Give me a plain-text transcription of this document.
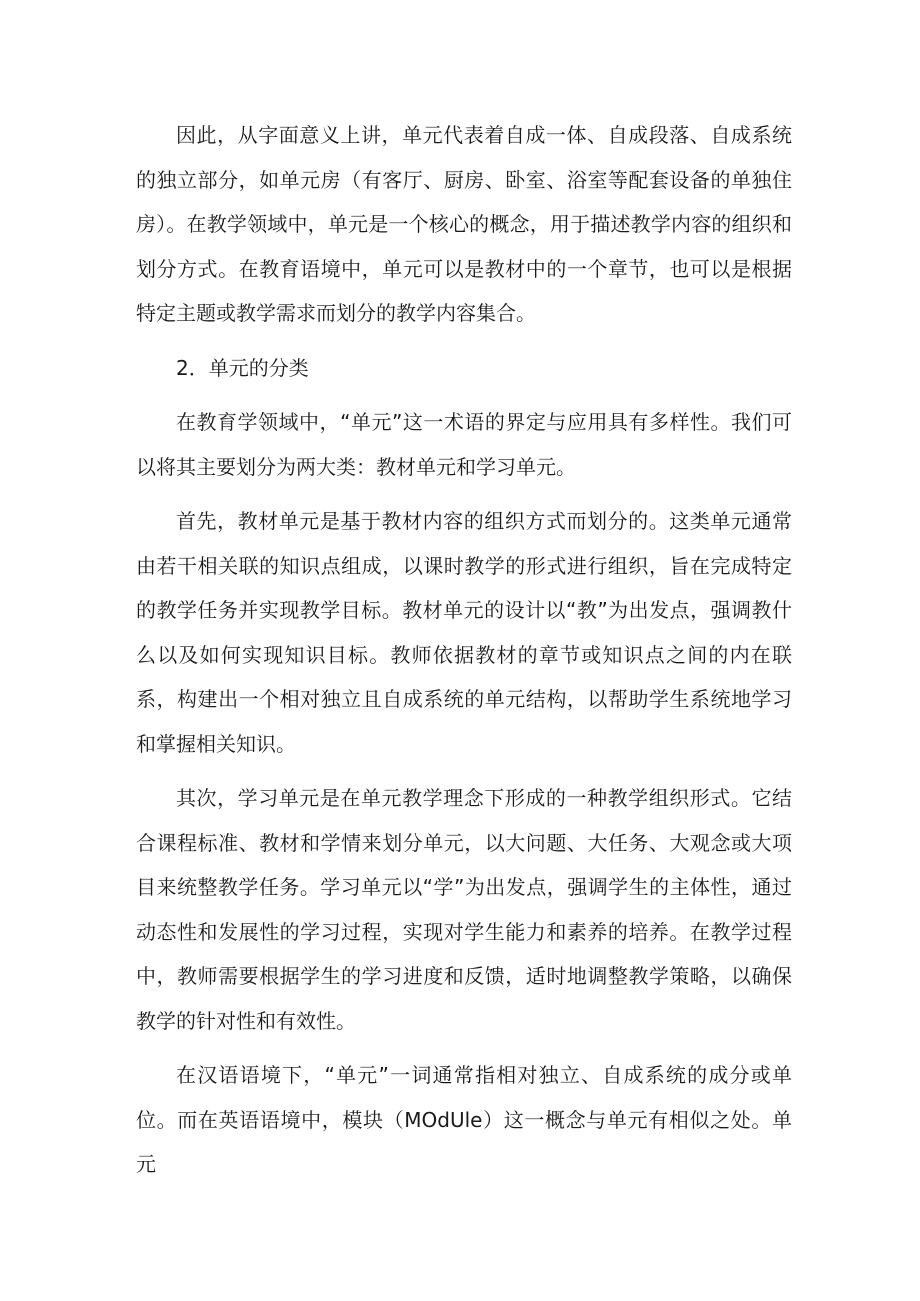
因此，从字面意义上讲，单元代表着自成一体、自成段落、自成系统的独立部分，如单元房（有客厅、厨房、卧室、浴室等配套设备的单独住房）。在教学领域中，单元是一个核心的概念，用于描述教学内容的组织和划分方式。在教育语境中，单元可以是教材中的一个章节，也可以是根据特定主题或教学需求而划分的教学内容集合。

2．单元的分类

在教育学领域中，“单元”这一术语的界定与应用具有多样性。我们可以将其主要划分为两大类：教材单元和学习单元。

首先，教材单元是基于教材内容的组织方式而划分的。这类单元通常由若干相关联的知识点组成，以课时教学的形式进行组织，旨在完成特定的教学任务并实现教学目标。教材单元的设计以“教”为出发点，强调教什么以及如何实现知识目标。教师依据教材的章节或知识点之间的内在联系，构建出一个相对独立且自成系统的单元结构，以帮助学生系统地学习和掌握相关知识。

其次，学习单元是在单元教学理念下形成的一种教学组织形式。它结合课程标准、教材和学情来划分单元，以大问题、大任务、大观念或大项目来统整教学任务。学习单元以“学”为出发点，强调学生的主体性，通过动态性和发展性的学习过程，实现对学生能力和素养的培养。在教学过程中，教师需要根据学生的学习进度和反馈，适时地调整教学策略，以确保教学的针对性和有效性。

在汉语语境下，“单元”一词通常指相对独立、自成系统的成分或单位。而在英语语境中，模块（MOdUle）这一概念与单元有相似之处。单元
